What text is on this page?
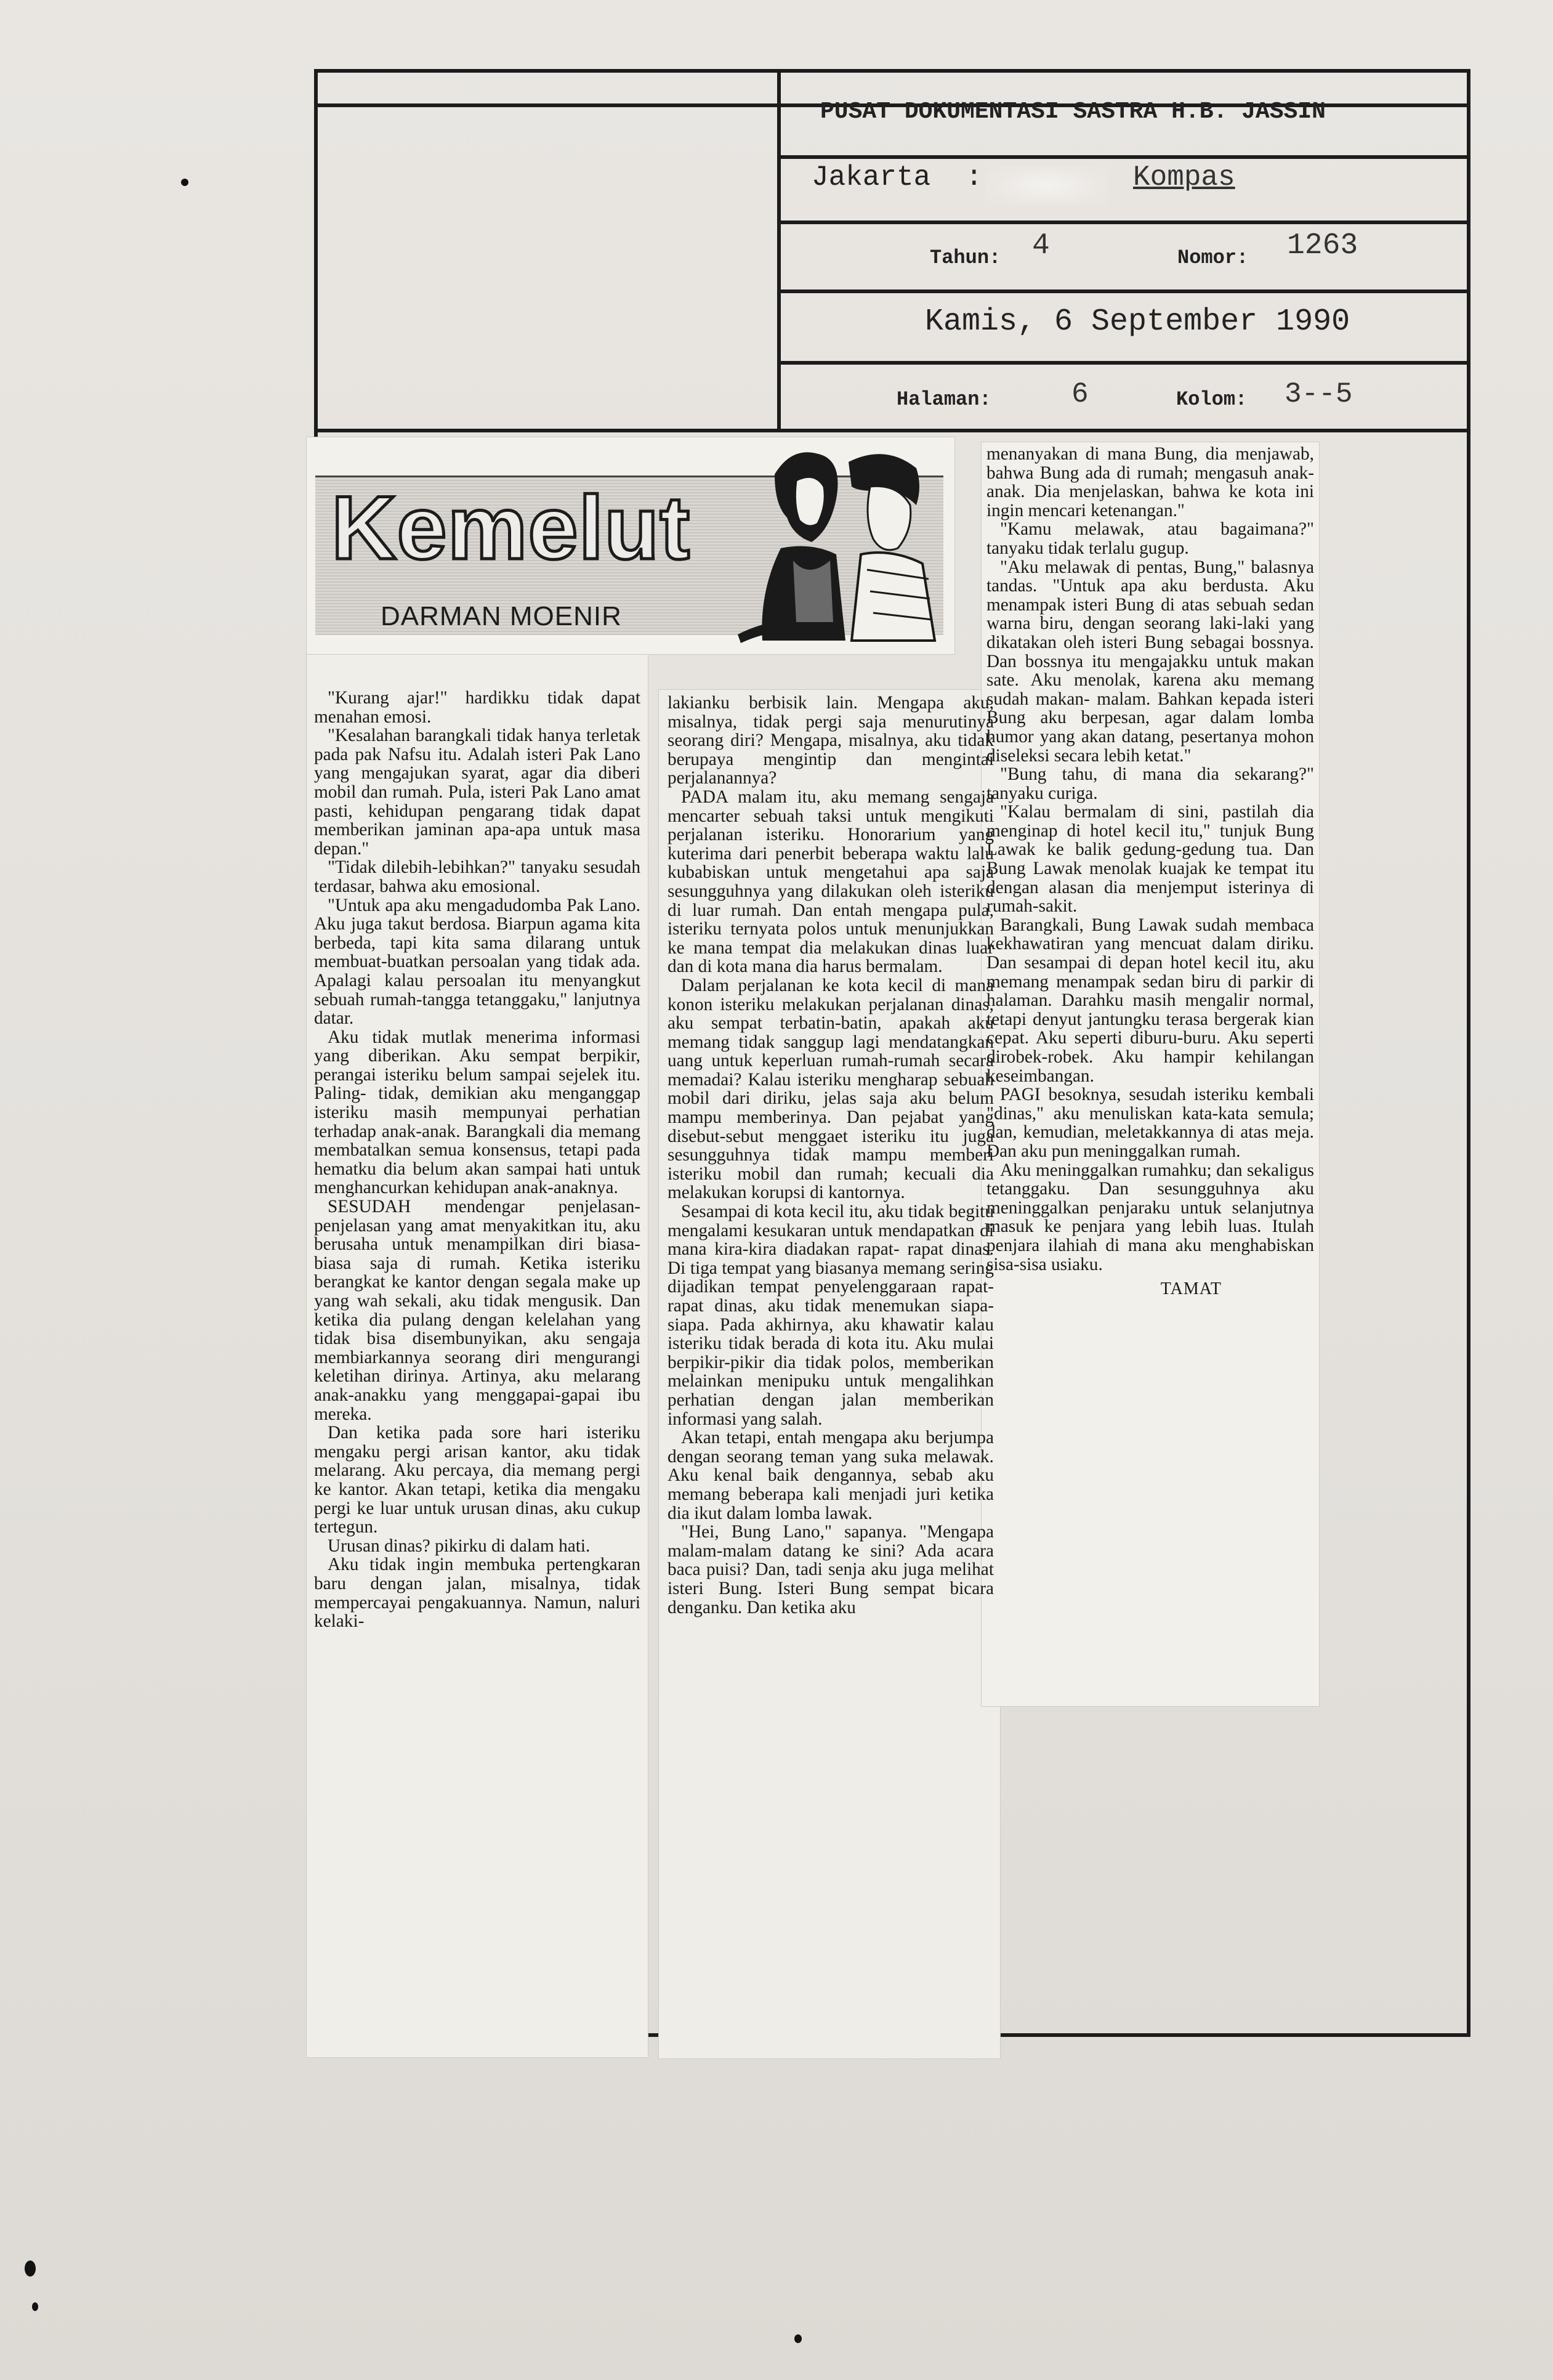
PUSAT DOKUMENTASI SASTRA H.B. JASSIN
Jakarta :	Kompas
Tahun: 4	Nomor: 1263
Kamis, 6 September 1990
Halaman:	6	Kolom: 3--5
Kemelut
DARMAN MOENIR

"Kurang ajar!" hardikku tidak dapat menahan emosi.

"Kesalahan barangkali tidak hanya terletak pada pak Nafsu itu. Adalah isteri Pak Lano yang mengajukan syarat, agar dia diberi mobil dan rumah. Pula, isteri Pak Lano amat pasti, kehidupan pengarang tidak dapat memberikan jaminan apa-apa untuk masa depan."

"Tidak dilebih-lebihkan?" tanyaku sesudah terdasar, bahwa aku emosional.

"Untuk apa aku mengadudomba Pak Lano. Aku juga takut berdosa. Biarpun agama kita berbeda, tapi kita sama dilarang untuk membuat-buatkan persoalan yang tidak ada. Apalagi kalau persoalan itu menyangkut sebuah rumah-tangga tetanggaku," lanjutnya datar.

Aku tidak mutlak menerima informasi yang diberikan. Aku sempat berpikir, perangai isteriku belum sampai sejelek itu. Paling- tidak, demikian aku menganggap isteriku masih mempunyai perhatian terhadap anak-anak. Barangkali dia memang membatalkan semua konsensus, tetapi pada hematku dia belum akan sampai hati untuk menghancurkan kehidupan anak-anaknya.

SESUDAH mendengar penjelasan-penjelasan yang amat menyakitkan itu, aku berusaha untuk menampilkan diri biasa-biasa saja di rumah. Ketika isteriku berangkat ke kantor dengan segala make up yang wah sekali, aku tidak mengusik. Dan ketika dia pulang dengan kelelahan yang tidak bisa disembunyikan, aku sengaja membiarkannya seorang diri mengurangi keletihan dirinya. Artinya, aku melarang anak-anakku yang menggapai-gapai ibu mereka.

Dan ketika pada sore hari isteriku mengaku pergi arisan kantor, aku tidak melarang. Aku percaya, dia memang pergi ke kantor. Akan tetapi, ketika dia mengaku pergi ke luar untuk urusan dinas, aku cukup tertegun.

Urusan dinas? pikirku di dalam hati.

Aku tidak ingin membuka pertengkaran baru dengan jalan, misalnya, tidak mempercayai pengakuannya. Namun, naluri kelaki-

lakianku berbisik lain. Mengapa aku, misalnya, tidak pergi saja menurutinya seorang diri? Mengapa, misalnya, aku tidak berupaya mengintip dan mengintai perjalanannya?

PADA malam itu, aku memang sengaja mencarter sebuah taksi untuk mengikuti perjalanan isteriku. Honorarium yang kuterima dari penerbit beberapa waktu lalu kubabiskan untuk mengetahui apa saja sesungguhnya yang dilakukan oleh isteriku di luar rumah. Dan entah mengapa pula, isteriku ternyata polos untuk menunjukkan ke mana tempat dia melakukan dinas luar dan di kota mana dia harus bermalam.

Dalam perjalanan ke kota kecil di mana konon isteriku melakukan perjalanan dinas, aku sempat terbatin-batin, apakah aku memang tidak sanggup lagi mendatangkan uang untuk keperluan rumah-rumah secara memadai? Kalau isteriku mengharap sebuah mobil dari diriku, jelas saja aku belum mampu memberinya. Dan pejabat yang disebut-sebut menggaet isteriku itu juga sesungguhnya tidak mampu memberi isteriku mobil dan rumah; kecuali dia melakukan korupsi di kantornya.

Sesampai di kota kecil itu, aku tidak begitu mengalami kesukaran untuk mendapatkan di mana kira-kira diadakan rapat- rapat dinas. Di tiga tempat yang biasanya memang sering dijadikan tempat penyelenggaraan rapat-rapat dinas, aku tidak menemukan siapa-siapa. Pada akhirnya, aku khawatir kalau isteriku tidak berada di kota itu. Aku mulai berpikir-pikir dia tidak polos, memberikan melainkan menipuku untuk mengalihkan perhatian dengan jalan memberikan informasi yang salah.

Akan tetapi, entah mengapa aku berjumpa dengan seorang teman yang suka melawak. Aku kenal baik dengannya, sebab aku memang beberapa kali menjadi juri ketika dia ikut dalam lomba lawak.

"Hei, Bung Lano," sapanya. "Mengapa malam-malam datang ke sini? Ada acara baca puisi? Dan, tadi senja aku juga melihat isteri Bung. Isteri Bung sempat bicara denganku. Dan ketika aku

menanyakan di mana Bung, dia menjawab, bahwa Bung ada di rumah; mengasuh anak-anak. Dia menjelaskan, bahwa ke kota ini ingin mencari ketenangan."

"Kamu melawak, atau bagaimana?" tanyaku tidak terlalu gugup.

"Aku melawak di pentas, Bung," balasnya tandas. "Untuk apa aku berdusta. Aku menampak isteri Bung di atas sebuah sedan warna biru, dengan seorang laki-laki yang dikatakan oleh isteri Bung sebagai bossnya. Dan bossnya itu mengajakku untuk makan sate. Aku menolak, karena aku memang sudah makan- malam. Bahkan kepada isteri Bung aku berpesan, agar dalam lomba humor yang akan datang, pesertanya mohon diseleksi secara lebih ketat."

"Bung tahu, di mana dia sekarang?" tanyaku curiga.

"Kalau bermalam di sini, pastilah dia menginap di hotel kecil itu," tunjuk Bung Lawak ke balik gedung-gedung tua. Dan Bung Lawak menolak kuajak ke tempat itu dengan alasan dia menjemput isterinya di rumah-sakit.

Barangkali, Bung Lawak sudah membaca kekhawatiran yang mencuat dalam diriku. Dan sesampai di depan hotel kecil itu, aku memang menampak sedan biru di parkir di halaman. Darahku masih mengalir normal, tetapi denyut jantungku terasa bergerak kian cepat. Aku seperti diburu-buru. Aku seperti dirobek-robek. Aku hampir kehilangan keseimbangan.

PAGI besoknya, sesudah isteriku kembali "dinas," aku menuliskan kata-kata semula; dan, kemudian, meletakkannya di atas meja. Dan aku pun meninggalkan rumah.

Aku meninggalkan rumahku; dan sekaligus tetanggaku. Dan sesungguhnya aku meninggalkan penjaraku untuk selanjutnya masuk ke penjara yang lebih luas. Itulah penjara ilahiah di mana aku menghabiskan sisa-sisa usiaku.

TAMAT
